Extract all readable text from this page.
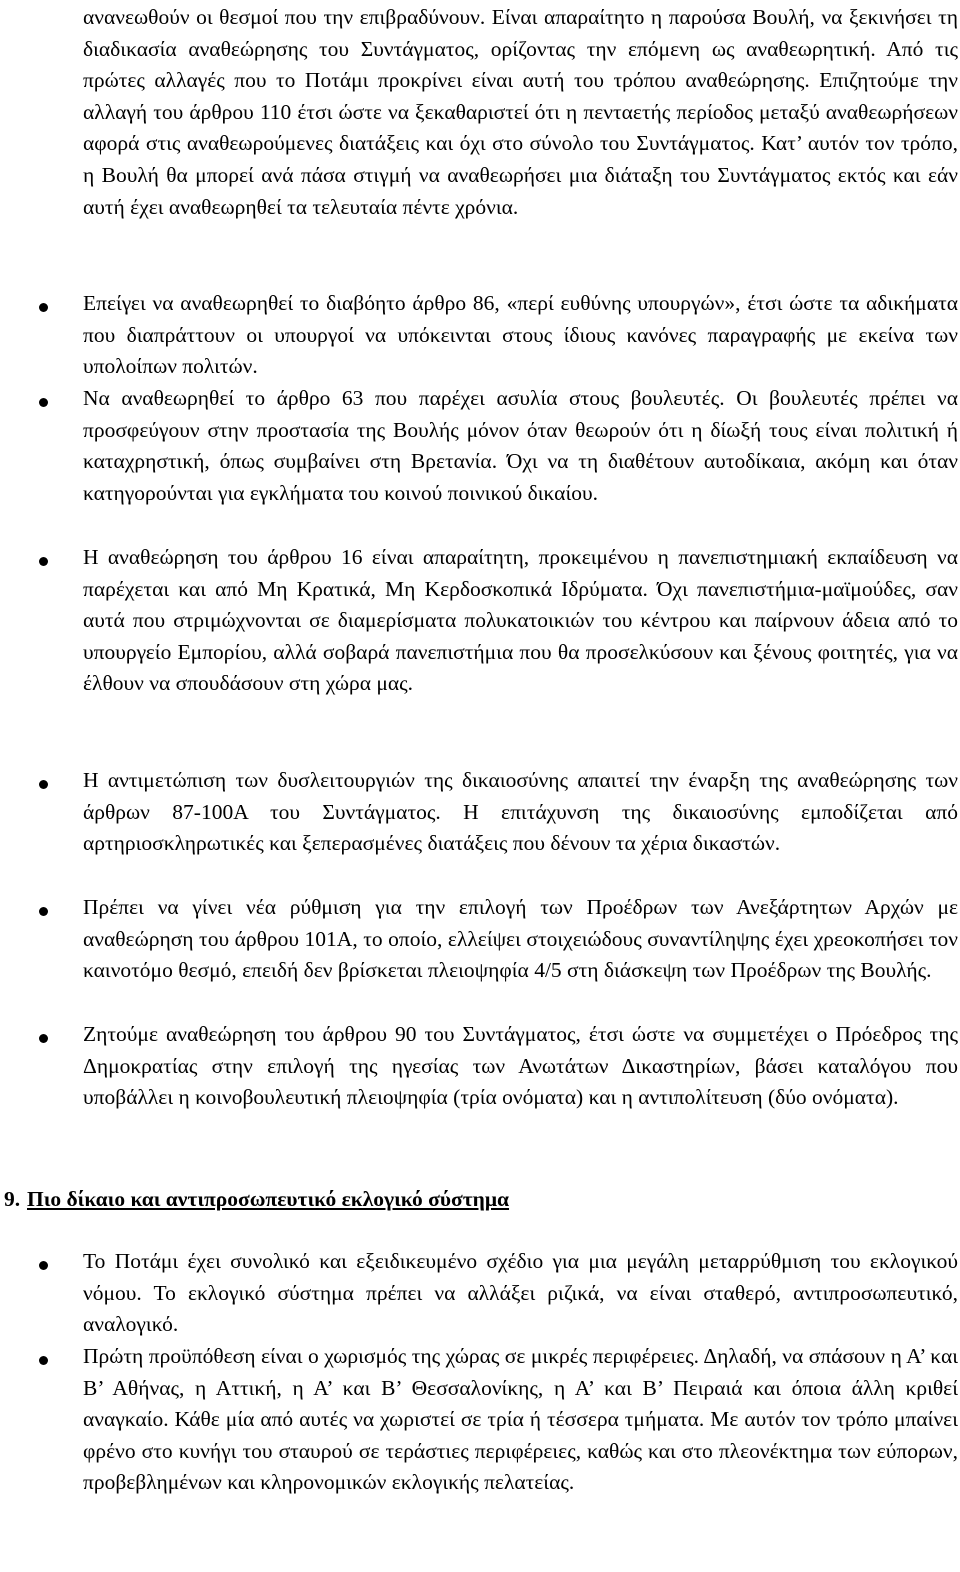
ανανεωθούν οι θεσμοί που την επιβραδύνουν. Είναι απαραίτητο η παρούσα Βουλή, να ξεκινήσει τη διαδικασία αναθεώρησης του Συντάγματος, ορίζοντας την επόμενη ως αναθεωρητική. Από τις πρώτες αλλαγές που το Ποτάμι προκρίνει είναι αυτή του τρόπου αναθεώρησης. Επιζητούμε την αλλαγή του άρθρου 110 έτσι ώστε να ξεκαθαριστεί ότι η πενταετής περίοδος μεταξύ αναθεωρήσεων αφορά στις αναθεωρούμενες διατάξεις και όχι στο σύνολο του Συντάγματος. Κατ’ αυτόν τον τρόπο, η Βουλή θα μπορεί ανά πάσα στιγμή να αναθεωρήσει μια διάταξη του Συντάγματος εκτός και εάν αυτή έχει αναθεωρηθεί τα τελευταία πέντε χρόνια.

Επείγει να αναθεωρηθεί το διαβόητο άρθρο 86, «περί ευθύνης υπουργών», έτσι ώστε τα αδικήματα που διαπράττουν οι υπουργοί να υπόκεινται στους ίδιους κανόνες παραγραφής με εκείνα των υπολοίπων πολιτών.

Να αναθεωρηθεί το άρθρο 63 που παρέχει ασυλία στους βουλευτές. Οι βουλευτές πρέπει να προσφεύγουν στην προστασία της Βουλής μόνον όταν θεωρούν ότι η δίωξή τους είναι πολιτική ή καταχρηστική, όπως συμβαίνει στη Βρετανία. Όχι να τη διαθέτουν αυτοδίκαια, ακόμη και όταν κατηγορούνται για εγκλήματα του κοινού ποινικού δικαίου.

Η αναθεώρηση του άρθρου 16 είναι απαραίτητη, προκειμένου η πανεπιστημιακή εκπαίδευση να παρέχεται και από Μη Κρατικά, Μη Κερδοσκοπικά Ιδρύματα. Όχι πανεπιστήμια-μαϊμούδες, σαν αυτά που στριμώχνονται σε διαμερίσματα πολυκατοικιών του κέντρου και παίρνουν άδεια από το υπουργείο Εμπορίου, αλλά σοβαρά πανεπιστήμια που θα προσελκύσουν και ξένους φοιτητές, για να έλθουν να σπουδάσουν στη χώρα μας.

Η αντιμετώπιση των δυσλειτουργιών της δικαιοσύνης απαιτεί την έναρξη της αναθεώρησης των άρθρων 87-100Α του Συντάγματος. Η επιτάχυνση της δικαιοσύνης εμποδίζεται από αρτηριοσκληρωτικές και ξεπερασμένες διατάξεις που δένουν τα χέρια δικαστών.

Πρέπει να γίνει νέα ρύθμιση για την επιλογή των Προέδρων των Ανεξάρτητων Αρχών με αναθεώρηση του άρθρου 101Α, το οποίο, ελλείψει στοιχειώδους συναντίληψης έχει χρεοκοπήσει τον καινοτόμο θεσμό, επειδή δεν βρίσκεται πλειοψηφία 4/5 στη διάσκεψη των Προέδρων της Βουλής.

Ζητούμε αναθεώρηση του άρθρου 90 του Συντάγματος, έτσι ώστε να συμμετέχει ο Πρόεδρος της Δημοκρατίας στην επιλογή της ηγεσίας των Ανωτάτων Δικαστηρίων, βάσει καταλόγου που υποβάλλει η κοινοβουλευτική πλειοψηφία (τρία ονόματα) και η αντιπολίτευση (δύο ονόματα).

9. Πιο δίκαιο και αντιπροσωπευτικό εκλογικό σύστημα

Το Ποτάμι έχει συνολικό και εξειδικευμένο σχέδιο για μια μεγάλη μεταρρύθμιση του εκλογικού νόμου. Το εκλογικό σύστημα πρέπει να αλλάξει ριζικά, να είναι σταθερό, αντιπροσωπευτικό, αναλογικό.

Πρώτη προϋπόθεση είναι ο χωρισμός της χώρας σε μικρές περιφέρειες. Δηλαδή, να σπάσουν η Α’ και Β’ Αθήνας, η Αττική, η Α’ και Β’ Θεσσαλονίκης, η Α’ και Β’ Πειραιά και όποια άλλη κριθεί αναγκαίο. Κάθε μία από αυτές να χωριστεί σε τρία ή τέσσερα τμήματα. Με αυτόν τον τρόπο μπαίνει φρένο στο κυνήγι του σταυρού σε τεράστιες περιφέρειες, καθώς και στο πλεονέκτημα των εύπορων, προβεβλημένων και κληρονομικών εκλογικής πελατείας.
